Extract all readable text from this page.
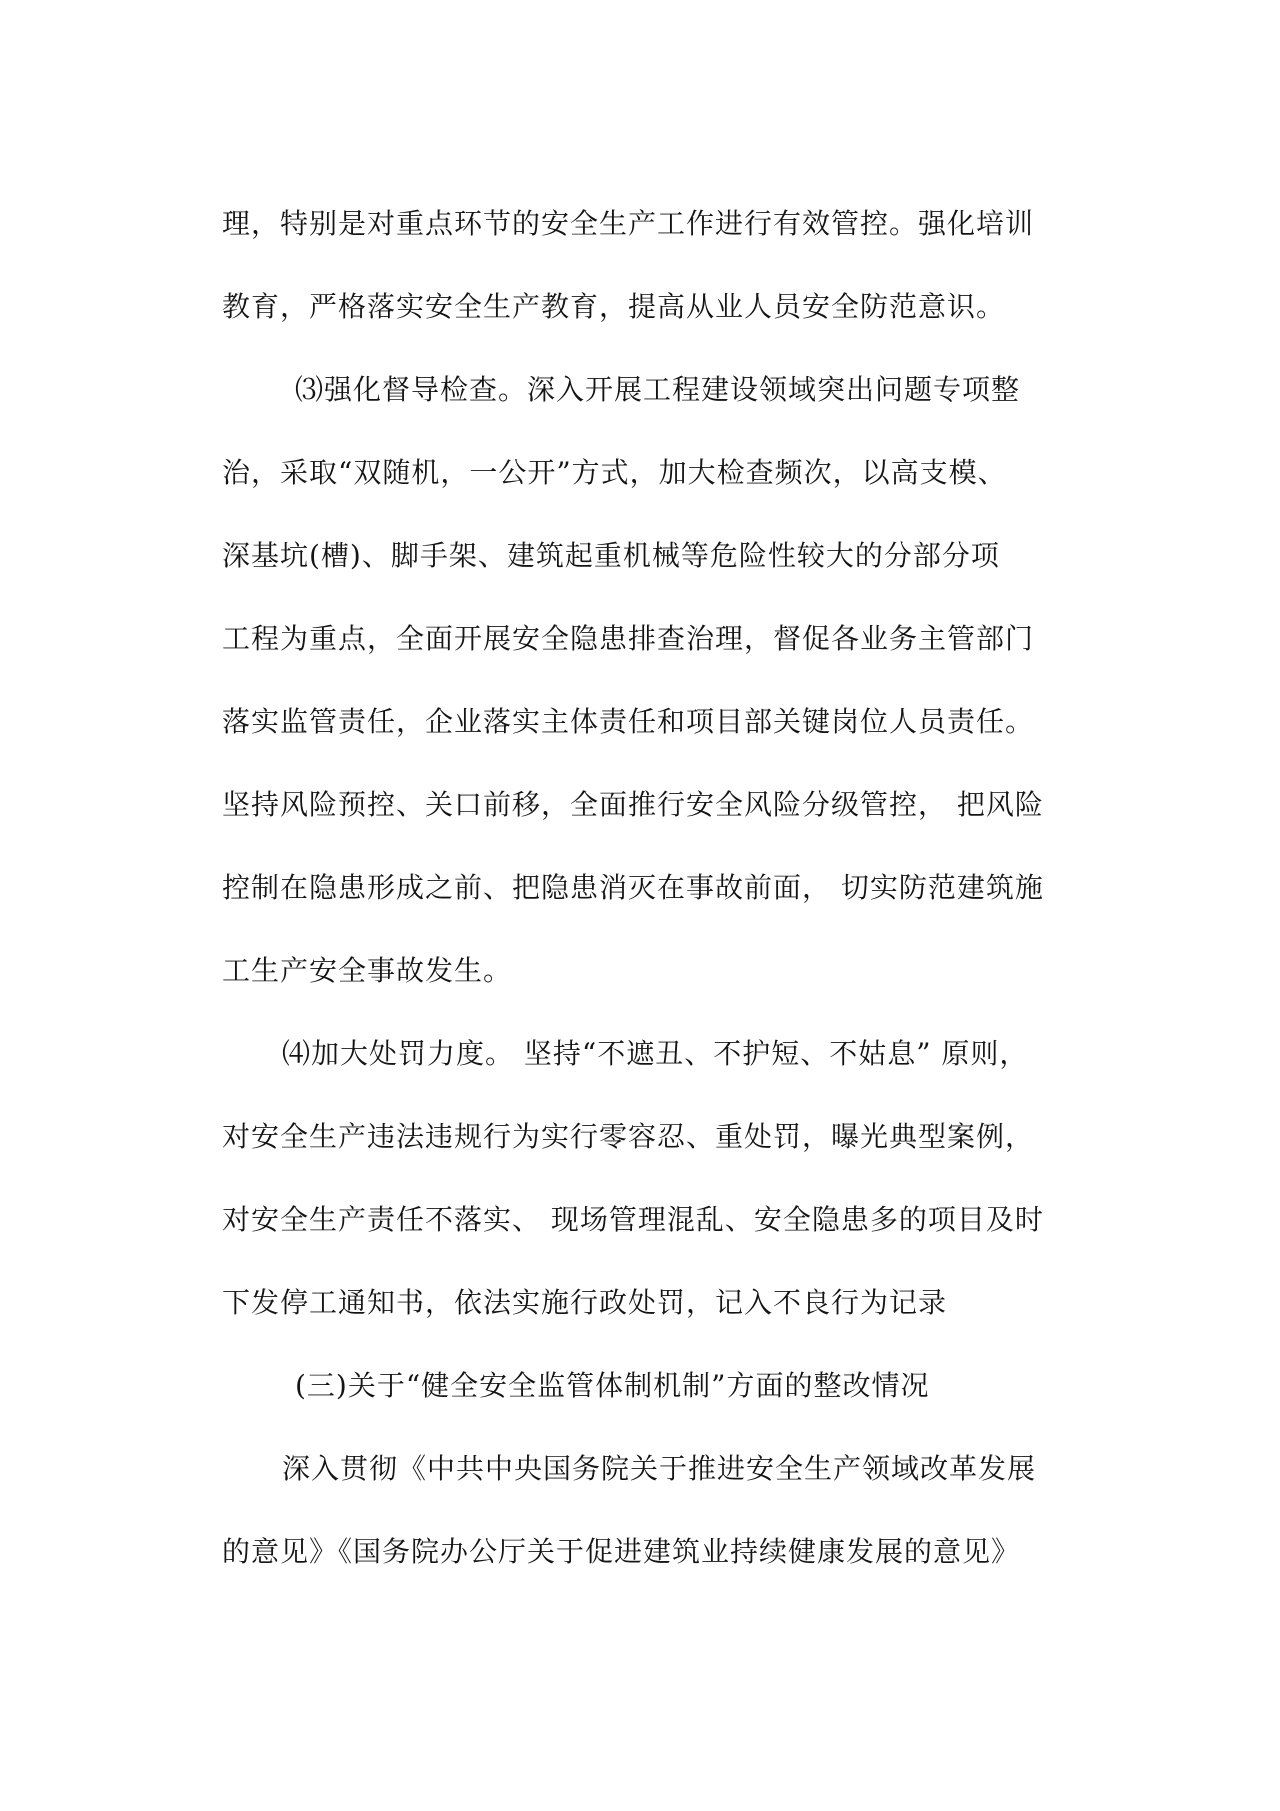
理，特别是对重点环节的安全生产工作进行有效管控。强化培训
教育，严格落实安全生产教育，提高从业人员安全防范意识。
⑶强化督导检查。深入开展工程建设领域突出问题专项整
治，采取“双随机，一公开”方式，加大检查频次，以高支模、
深基坑(槽)、脚手架、建筑起重机械等危险性较大的分部分项
工程为重点，全面开展安全隐患排查治理，督促各业务主管部门
落实监管责任，企业落实主体责任和项目部关键岗位人员责任。
坚持风险预控、关口前移，全面推行安全风险分级管控， 把风险
控制在隐患形成之前、把隐患消灭在事故前面， 切实防范建筑施
工生产安全事故发生。
⑷加大处罚力度。 坚持“不遮丑、不护短、不姑息” 原则，
对安全生产违法违规行为实行零容忍、重处罚，曝光典型案例，
对安全生产责任不落实、 现场管理混乱、安全隐患多的项目及时
下发停工通知书，依法实施行政处罚，记入不良行为记录
(三)关于“健全安全监管体制机制”方面的整改情况
深入贯彻《中共中央国务院关于推进安全生产领域改革发展
的意见》《国务院办公厅关于促进建筑业持续健康发展的意见》
